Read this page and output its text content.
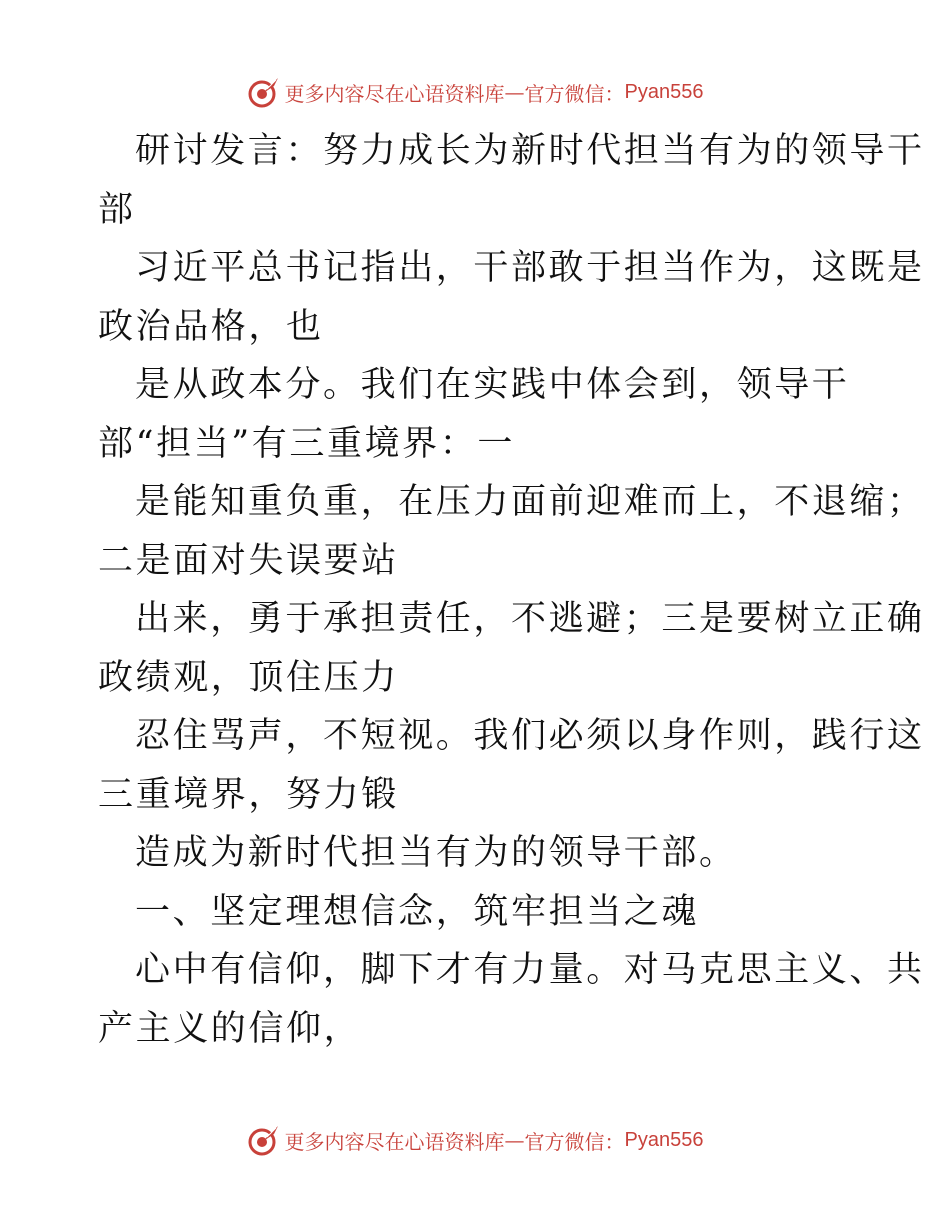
更多内容尽在心语资料库 — 官方微信： Pyan556
研讨发言：努力成长为新时代担当有为的领导干
部
习近平总书记指出，干部敢于担当作为，这既是
政治品格，也
是从政本分。我们在实践中体会到，领导干
部“担当”有三重境界：一
是能知重负重，在压力面前迎难而上，不退缩；
二是面对失误要站
出来，勇于承担责任，不逃避；三是要树立正确
政绩观，顶住压力
忍住骂声，不短视。我们必须以身作则，践行这
三重境界，努力锻
造成为新时代担当有为的领导干部。
一、坚定理想信念，筑牢担当之魂
心中有信仰，脚下才有力量。对马克思主义、共
产主义的信仰，
更多内容尽在心语资料库 — 官方微信： Pyan556
